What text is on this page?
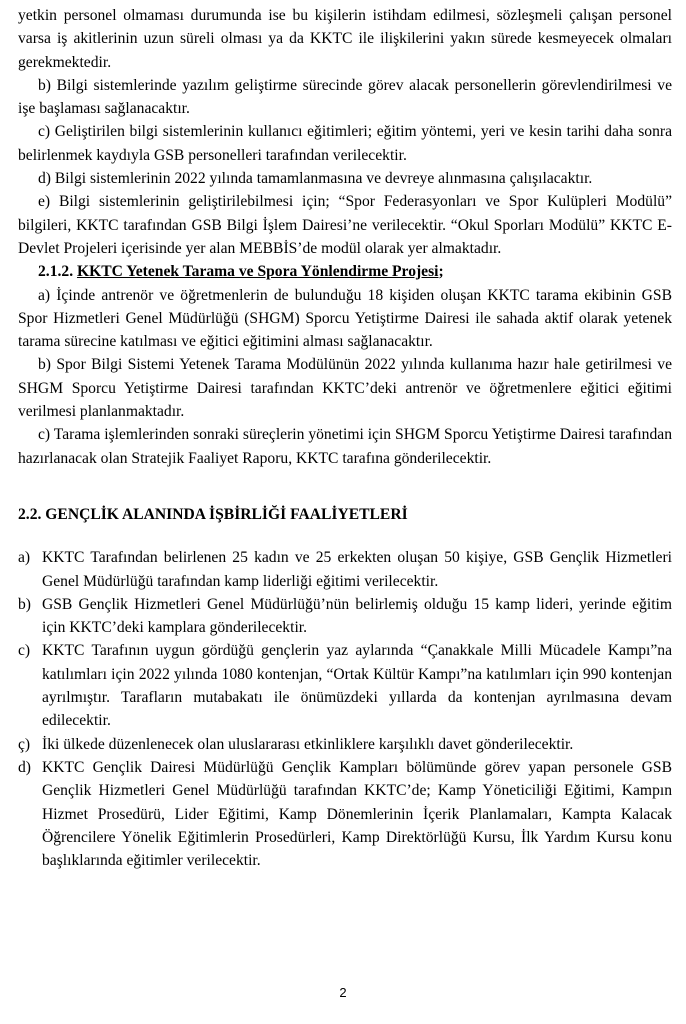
yetkin personel olmaması durumunda ise bu kişilerin istihdam edilmesi, sözleşmeli çalışan personel varsa iş akitlerinin uzun süreli olması ya da KKTC ile ilişkilerini yakın sürede kesmeyecek olmaları gerekmektedir.

b) Bilgi sistemlerinde yazılım geliştirme sürecinde görev alacak personellerin görevlendirilmesi ve işe başlaması sağlanacaktır.

c) Geliştirilen bilgi sistemlerinin kullanıcı eğitimleri; eğitim yöntemi, yeri ve kesin tarihi daha sonra belirlenmek kaydıyla GSB personelleri tarafından verilecektir.

d) Bilgi sistemlerinin 2022 yılında tamamlanmasına ve devreye alınmasına çalışılacaktır.

e) Bilgi sistemlerinin geliştirilebilmesi için; “Spor Federasyonları ve Spor Kulüpleri Modülü” bilgileri, KKTC tarafından GSB Bilgi İşlem Dairesi’ne verilecektir. “Okul Sporları Modülü” KKTC E-Devlet Projeleri içerisinde yer alan MEBBİS’de modül olarak yer almaktadır.

2.1.2. KKTC Yetenek Tarama ve Spora Yönlendirme Projesi;

a) İçinde antrenör ve öğretmenlerin de bulunduğu 18 kişiden oluşan KKTC tarama ekibinin GSB Spor Hizmetleri Genel Müdürlüğü (SHGM) Sporcu Yetiştirme Dairesi ile sahada aktif olarak yetenek tarama sürecine katılması ve eğitici eğitimini alması sağlanacaktır.

b) Spor Bilgi Sistemi Yetenek Tarama Modülünün 2022 yılında kullanıma hazır hale getirilmesi ve SHGM Sporcu Yetiştirme Dairesi tarafından KKTC’deki antrenör ve öğretmenlere eğitici eğitimi verilmesi planlanmaktadır.

c) Tarama işlemlerinden sonraki süreçlerin yönetimi için SHGM Sporcu Yetiştirme Dairesi tarafından hazırlanacak olan Stratejik Faaliyet Raporu, KKTC tarafına gönderilecektir.

2.2. GENÇLİK ALANINDA İŞBİRLİĞİ FAALİYETLERİ

a) KKTC Tarafından belirlenen 25 kadın ve 25 erkekten oluşan 50 kişiye, GSB Gençlik Hizmetleri Genel Müdürlüğü tarafından kamp liderliği eğitimi verilecektir.
b) GSB Gençlik Hizmetleri Genel Müdürlüğü’nün belirlemiş olduğu 15 kamp lideri, yerinde eğitim için KKTC’deki kamplara gönderilecektir.
c) KKTC Tarafının uygun gördüğü gençlerin yaz aylarında “Çanakkale Milli Mücadele Kampı”na katılımları için 2022 yılında 1080 kontenjan, “Ortak Kültür Kampı”na katılımları için 990 kontenjan ayrılmıştır. Tarafların mutabakatı ile önümüzdeki yıllarda da kontenjan ayrılmasına devam edilecektir.
ç) İki ülkede düzenlenecek olan uluslararası etkinliklere karşılıklı davet gönderilecektir.
d) KKTC Gençlik Dairesi Müdürlüğü Gençlik Kampları bölümünde görev yapan personele GSB Gençlik Hizmetleri Genel Müdürlüğü tarafından KKTC’de; Kamp Yöneticiliği Eğitimi, Kampın Hizmet Prosedürü, Lider Eğitimi, Kamp Dönemlerinin İçerik Planlamaları, Kampta Kalacak Öğrencilere Yönelik Eğitimlerin Prosedürleri, Kamp Direktörlüğü Kursu, İlk Yardım Kursu konu başlıklarında eğitimler verilecektir.
2
